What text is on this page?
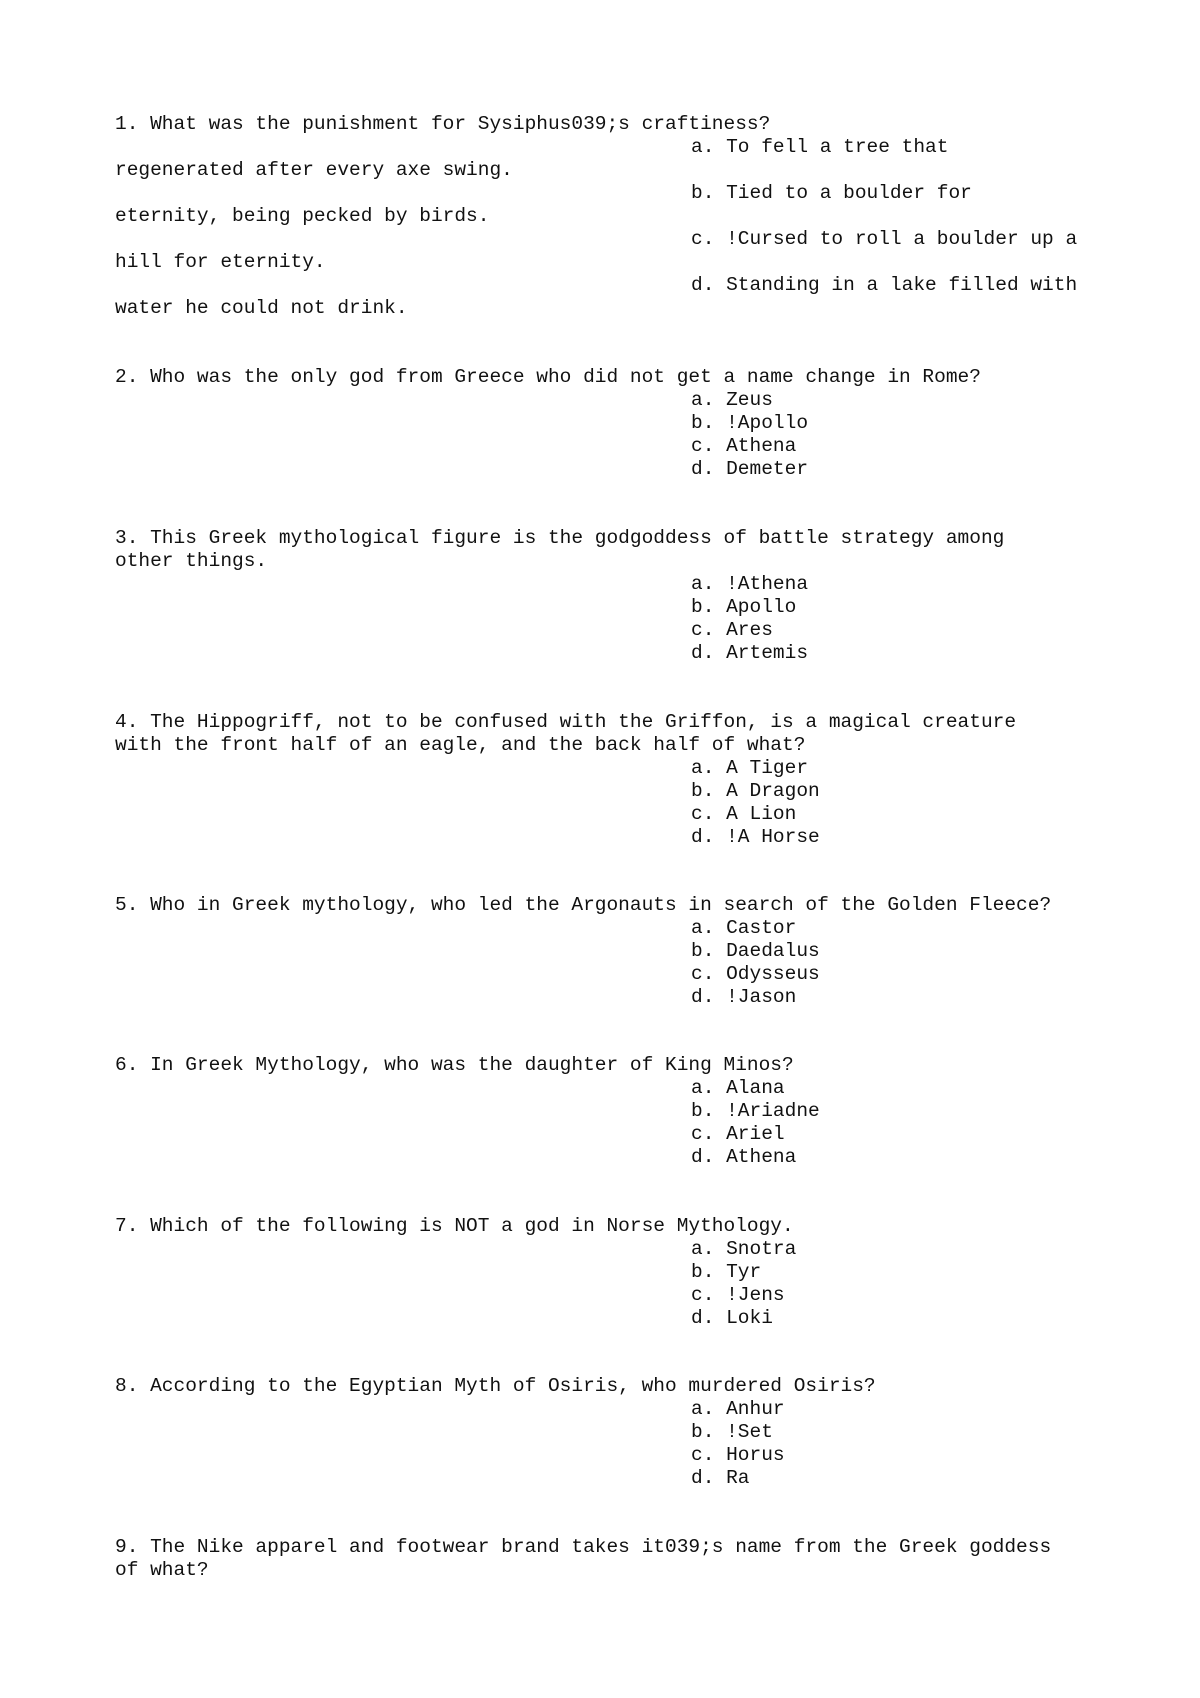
1. What was the punishment for Sysiphus039;s craftiness?
a. To fell a tree that
regenerated after every axe swing.
b. Tied to a boulder for
eternity, being pecked by birds.
c. !Cursed to roll a boulder up a
hill for eternity.
d. Standing in a lake filled with
water he could not drink.
2. Who was the only god from Greece who did not get a name change in Rome?
a. Zeus
b. !Apollo
c. Athena
d. Demeter
3. This Greek mythological figure is the godgoddess of battle strategy among
other things.
a. !Athena
b. Apollo
c. Ares
d. Artemis
4. The Hippogriff, not to be confused with the Griffon, is a magical creature
with the front half of an eagle, and the back half of what?
a. A Tiger
b. A Dragon
c. A Lion
d. !A Horse
5. Who in Greek mythology, who led the Argonauts in search of the Golden Fleece?
a. Castor
b. Daedalus
c. Odysseus
d. !Jason
6. In Greek Mythology, who was the daughter of King Minos?
a. Alana
b. !Ariadne
c. Ariel
d. Athena
7. Which of the following is NOT a god in Norse Mythology.
a. Snotra
b. Tyr
c. !Jens
d. Loki
8. According to the Egyptian Myth of Osiris, who murdered Osiris?
a. Anhur
b. !Set
c. Horus
d. Ra
9. The Nike apparel and footwear brand takes it039;s name from the Greek goddess
of what?
